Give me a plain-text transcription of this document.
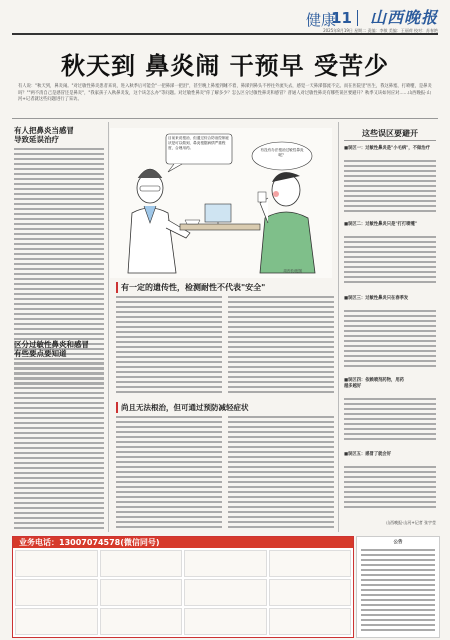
健康
11 山西晚报
2025年8月19日 星期二 责编：李敏 美编：王丽荷 校对：苏春艳
秋天到 鼻炎闹 干预早 受苦少
有人说："秋天到，鼻炎闹。"对过敏性鼻炎患者来说，进入秋季后可能会"一把鼻涕一把泪"，甚至晚上鼻塞到睡不着，鼻涕到鼻头不停往外流失去，感觉一天鼻涕都流不完。而在医院里"医生，我这鼻塞，打喷嚏，是鼻炎吗？""两不清自己是感冒还是鼻炎"，"我家孩子入秋鼻炎发，这个该怎么办"等问题。对过敏性鼻炎"你了解多少？怎么区分过敏性鼻炎和感冒？普通人对过敏性鼻炎有哪些误区要避开？秋季又该如何应对……山西晚报·山河+记者就这些问题进行了采访。
有人把鼻炎当感冒
导致延误治疗
区分过敏性鼻炎和感冒
有些要点要知道
目前来说根治，但通过综合防治控制症状是可以做到，鼻炎根据病情严重程度，合理用药。
有没有办法根治过敏性鼻炎呢？
周晋松/配图
有一定的遗传性，检测耐性不代表"安全"
尚且无法根治，但可通过预防减轻症状
这些误区要避开
■误区一：过敏性鼻炎是"小毛病"，不做治疗
■误区二：过敏性鼻炎只是"打打喷嚏"
■误区三：过敏性鼻炎只在春季发
■误区四：依赖喷剂药物，用药
越多越好
■误区五：感冒了就会好
山西晚报·山河+记者 张宇莹
业务电话：13007074578(微信同号)	公告
